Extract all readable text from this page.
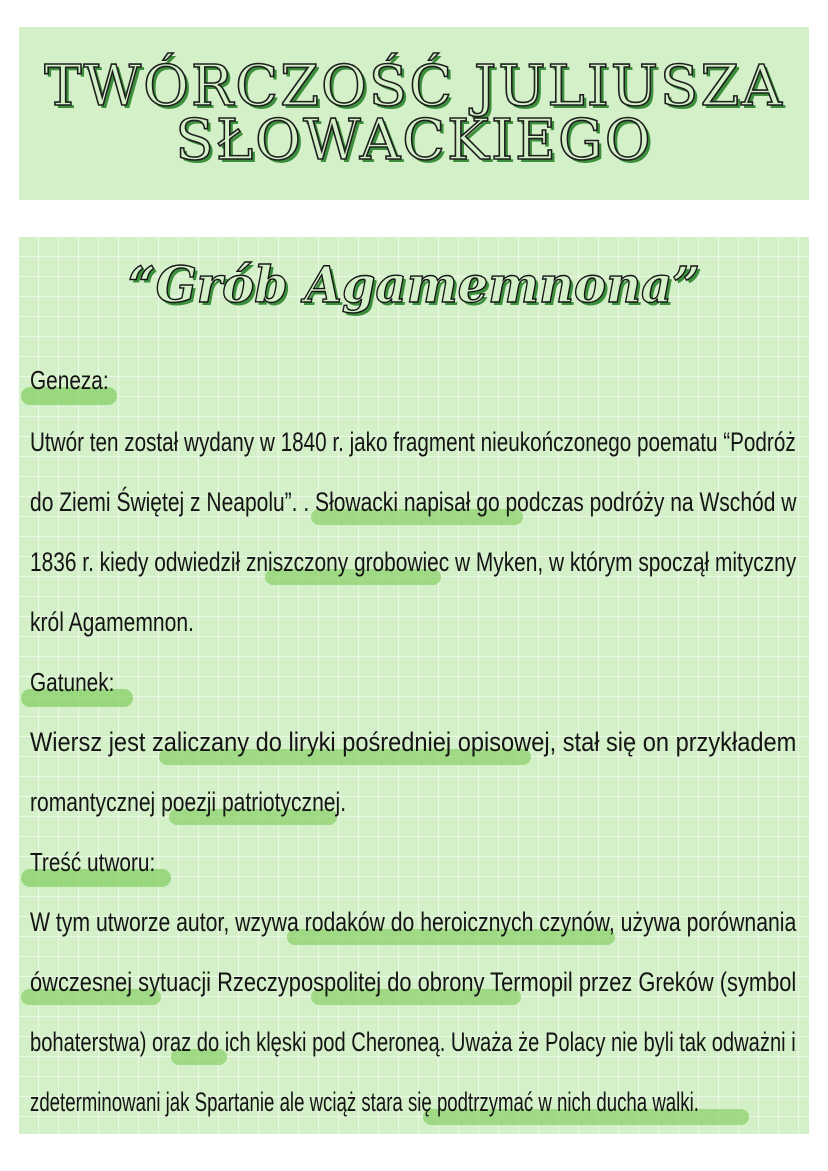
TWÓRCZOŚĆ JULIUSZA
SŁOWACKIEGO
“Grób Agamemnona”
Geneza:
Utwór ten został wydany w 1840 r. jako fragment nieukończonego poematu “Podróż
do Ziemi Świętej z Neapolu”. . Słowacki napisał go podczas podróży na Wschód w
1836 r. kiedy odwiedził zniszczony grobowiec w Myken, w którym spoczął mityczny
król Agamemnon.
Gatunek:
Wiersz jest zaliczany do liryki pośredniej opisowej, stał się on przykładem
romantycznej poezji patriotycznej.
Treść utworu:
W tym utworze autor, wzywa rodaków do heroicznych czynów, używa porównania
ówczesnej sytuacji Rzeczypospolitej do obrony Termopil przez Greków (symbol
bohaterstwa) oraz do ich klęski pod Cheroneą. Uważa że Polacy nie byli tak odważni i
zdeterminowani jak Spartanie ale wciąż stara się podtrzymać w nich ducha walki.
